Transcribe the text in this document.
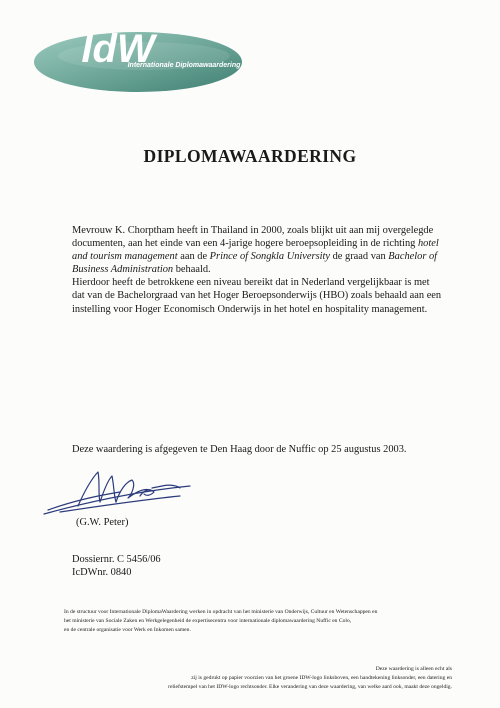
IdW
Internationale Diplomawaardering
DIPLOMAWAARDERING

Mevrouw K. Chorptham heeft in Thailand in 2000, zoals blijkt uit aan mij overgelegde documenten, aan het einde van een 4-jarige hogere beroepsopleiding in de richting hotel and tourism management aan de Prince of Songkla University de graad van Bachelor of Business Administration behaald.

Hierdoor heeft de betrokkene een niveau bereikt dat in Nederland vergelijkbaar is met dat van de Bachelorgraad van het Hoger Beroepsonderwijs (HBO) zoals behaald aan een instelling voor Hoger Economisch Onderwijs in het hotel en hospitality management.

Deze waardering is afgegeven te Den Haag door de Nuffic op 25 augustus 2003.
(G.W. Peter)
Dossiernr. C 5456/06
IcDWnr. 0840
In de structuur voor Internationale DiplomaWaardering werken in opdracht van het ministerie van Onderwijs, Cultuur en Wetenschappen en
het ministerie van Sociale Zaken en Werkgelegenheid de expertisecentra voor internationale diplomawaardering Nuffic en Colo,
en de centrale organisatie voor Werk en Inkomen samen.
Deze waardering is alleen echt als
zij is gedrukt op papier voorzien van het groene IDW-logo linksboven, een handtekening linksonder, een datering en
reliefstempel van het IDW-logo rechtsonder. Elke verandering van deze waardering, van welke aard ook, maakt deze ongeldig.
